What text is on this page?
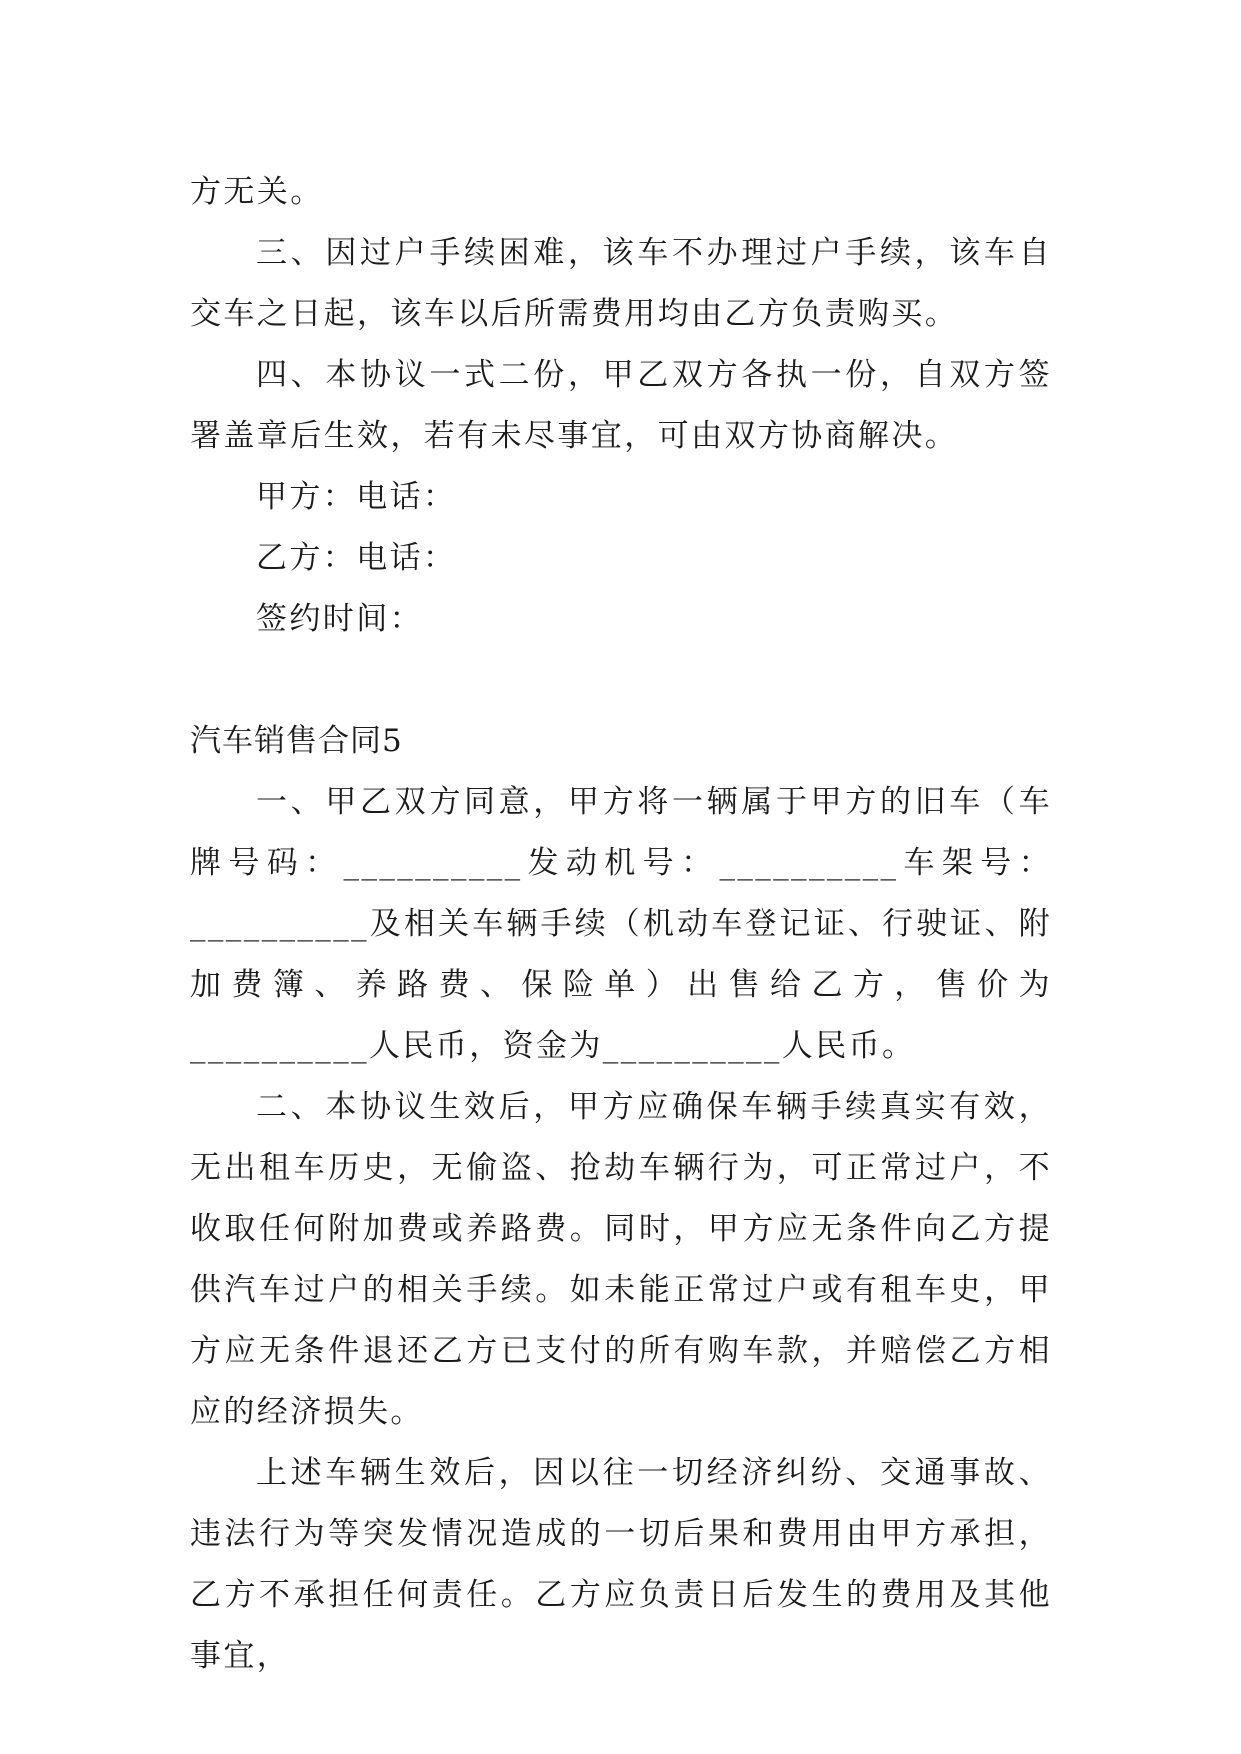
方无关。

三、因过户手续困难，该车不办理过户手续，该车自交车之日起，该车以后所需费用均由乙方负责购买。

四、本协议一式二份，甲乙双方各执一份，自双方签署盖章后生效，若有未尽事宜，可由双方协商解决。

甲方：电话：

乙方：电话：

签约时间：

汽车销售合同5

一、甲乙双方同意，甲方将一辆属于甲方的旧车（车牌号码：__________发动机号：__________车架号：__________及相关车辆手续（机动车登记证、行驶证、附加费簿、养路费、保险单）出售给乙方，售价为__________人民币，资金为__________人民币。

二、本协议生效后，甲方应确保车辆手续真实有效，无出租车历史，无偷盗、抢劫车辆行为，可正常过户，不收取任何附加费或养路费。同时，甲方应无条件向乙方提供汽车过户的相关手续。如未能正常过户或有租车史，甲方应无条件退还乙方已支付的所有购车款，并赔偿乙方相应的经济损失。

上述车辆生效后，因以往一切经济纠纷、交通事故、违法行为等突发情况造成的一切后果和费用由甲方承担，乙方不承担任何责任。乙方应负责日后发生的费用及其他事宜，
